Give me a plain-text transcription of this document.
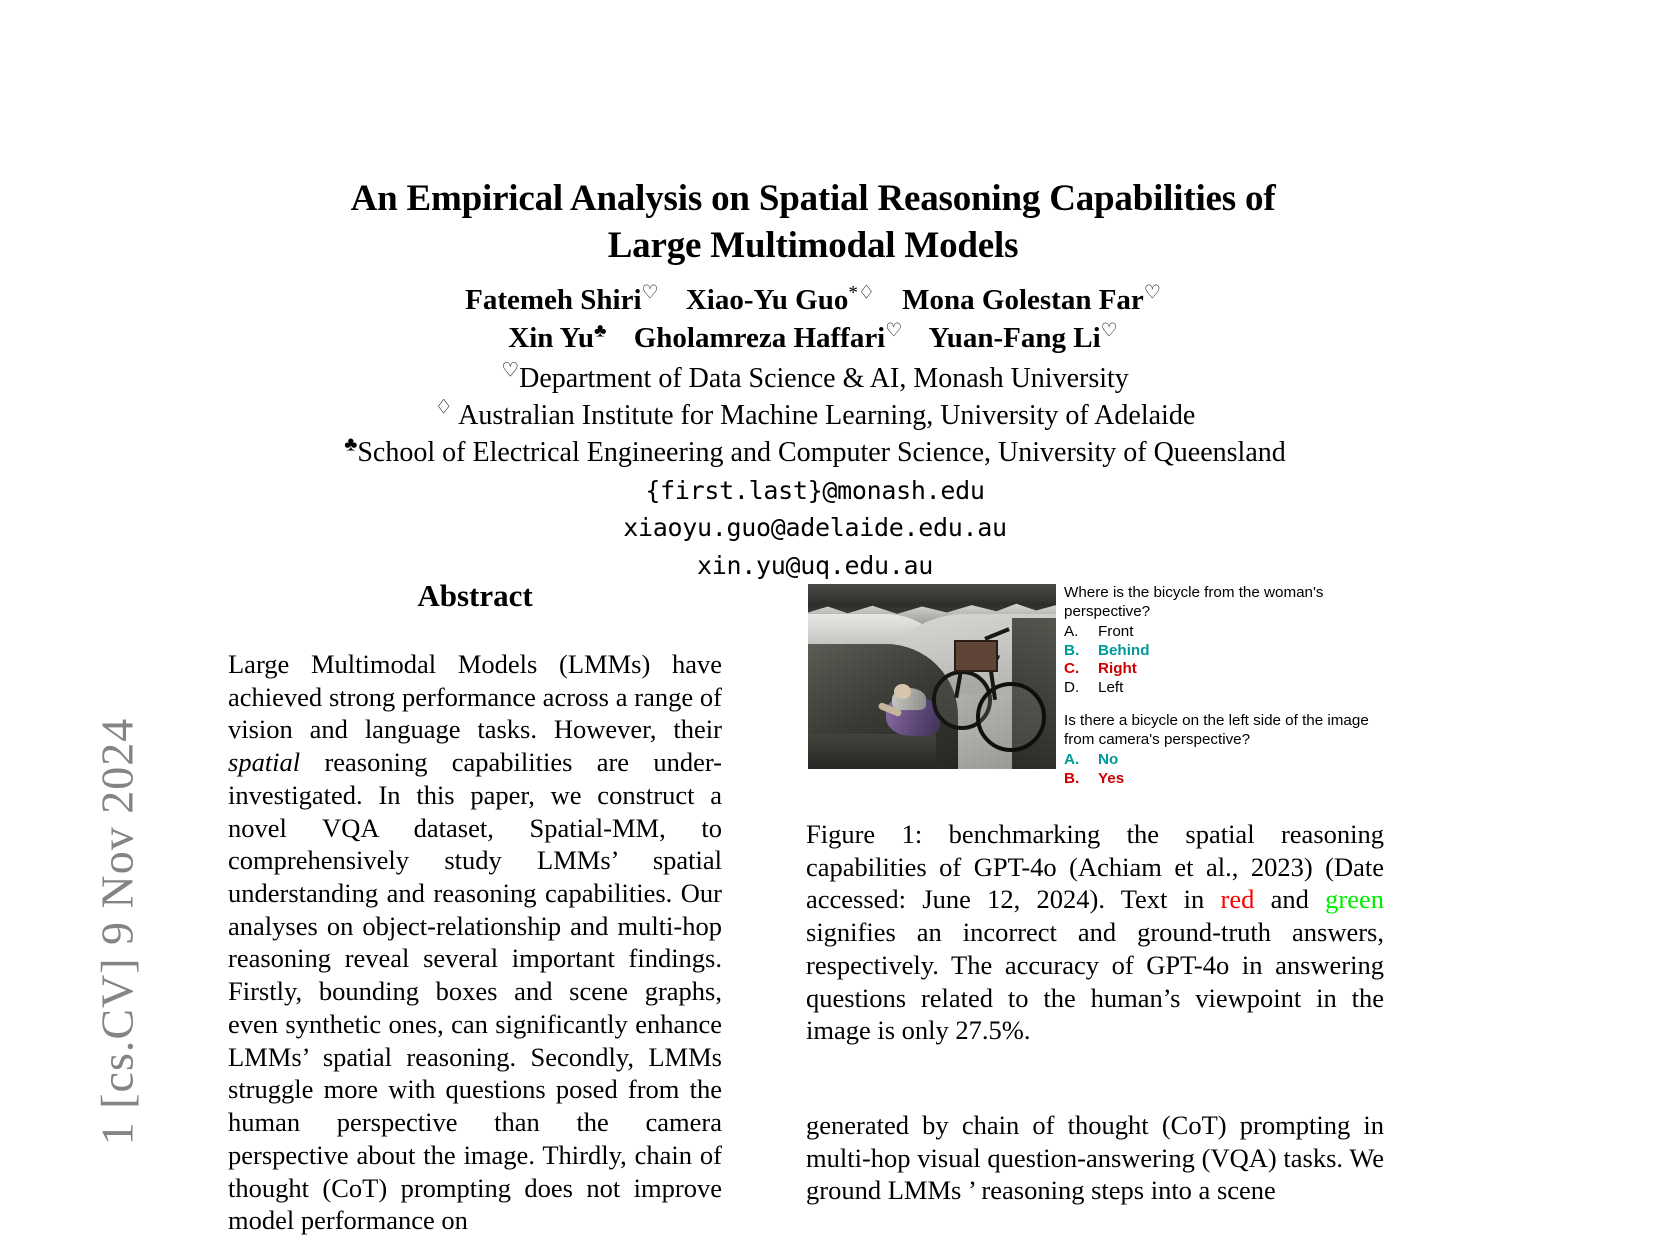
1 [cs.CV] 9 Nov 2024
An Empirical Analysis on Spatial Reasoning Capabilities of
Large Multimodal Models
Fatemeh Shiri♡ Xiao-Yu Guo*♢ Mona Golestan Far♡
Xin Yu♣ Gholamreza Haffari♡ Yuan-Fang Li♡
♡Department of Data Science & AI, Monash University
♢ Australian Institute for Machine Learning, University of Adelaide
♣School of Electrical Engineering and Computer Science, University of Queensland
{first.last}@monash.edu
xiaoyu.guo@adelaide.edu.au
xin.yu@uq.edu.au
Abstract

Large Multimodal Models (LMMs) have achieved strong performance across a range of vision and language tasks. However, their spatial reasoning capabilities are under-investigated. In this paper, we construct a novel VQA dataset, Spatial-MM, to comprehensively study LMMs’ spatial understanding and reasoning capabilities. Our analyses on object-relationship and multi-hop reasoning reveal several important findings. Firstly, bounding boxes and scene graphs, even synthetic ones, can significantly enhance LMMs’ spatial reasoning. Secondly, LMMs struggle more with questions posed from the human perspective than the camera perspective about the image. Thirdly, chain of thought (CoT) prompting does not improve model performance on

Where is the bicycle from the woman's perspective?
A.	Front
B.	Behind
C.	Right
D.	Left
Is there a bicycle on the left side of the image from camera's perspective?
A.	No
B.	Yes

Figure 1: benchmarking the spatial reasoning capabilities of GPT-4o (Achiam et al., 2023) (Date accessed: June 12, 2024). Text in red and green signifies an incorrect and ground-truth answers, respectively. The accuracy of GPT-4o in answering questions related to the human’s viewpoint in the image is only 27.5%.

generated by chain of thought (CoT) prompting in multi-hop visual question-answering (VQA) tasks. We ground LMMs ’ reasoning steps into a scene
